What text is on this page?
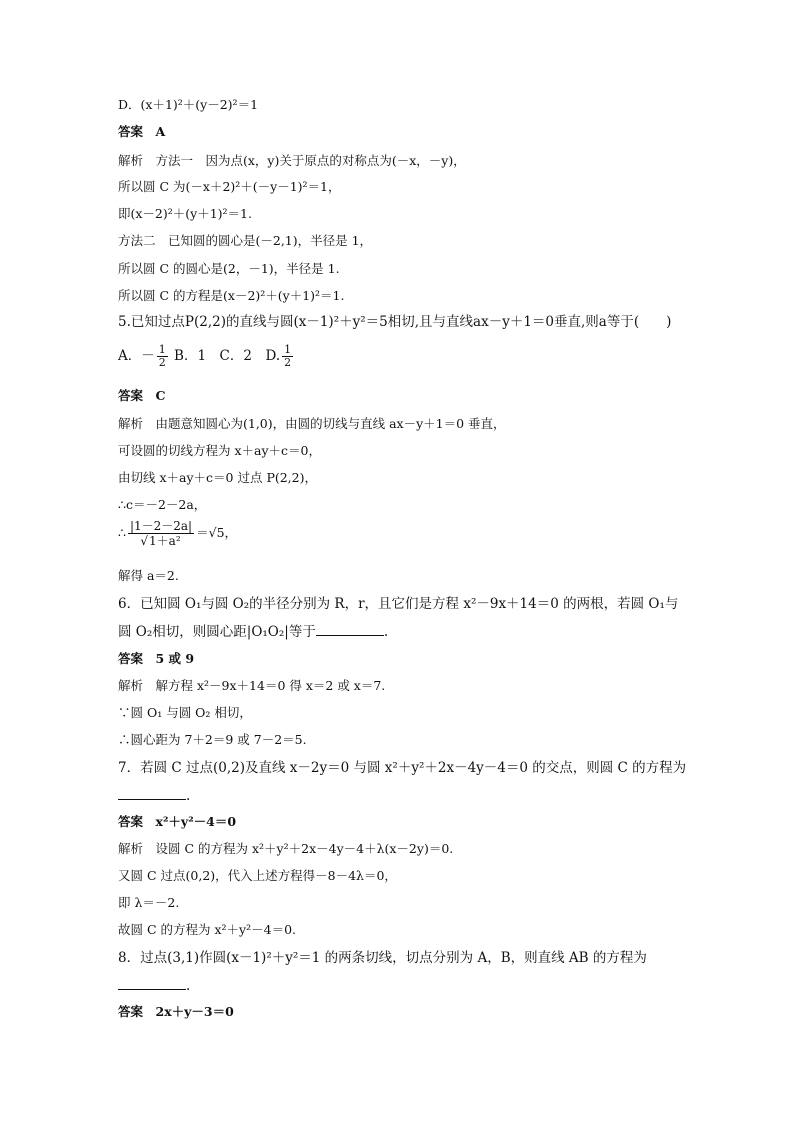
D．(x＋1)²＋(y－2)²＝1
答案　A
解析　方法一　因为点(x，y)关于原点的对称点为(－x，－y)，
所以圆 C 为(－x＋2)²＋(－y－1)²＝1，
即(x－2)²＋(y＋1)²＝1.
方法二　已知圆的圆心是(－2,1)，半径是 1，
所以圆 C 的圆心是(2，－1)，半径是 1.
所以圆 C 的方程是(x－2)²＋(y＋1)²＝1.
5.已知过点P(2,2)的直线与圆(x－1)²＋y²＝5相切,且与直线ax－y＋1＝0垂直,则a等于(　　)
A．－ $\frac{1}{2}$ B．1　C．2　D. $\frac{1}{2}$
答案　C
解析　由题意知圆心为(1,0)，由圆的切线与直线 ax－y＋1＝0 垂直，
可设圆的切线方程为 x＋ay＋c＝0，
由切线 x＋ay＋c＝0 过点 P(2,2)，
∴c＝－2－2a，
∴ $\frac{|1-2-2a|}{\text{√1＋a²}} =√5$，
解得 a＝2.
6．已知圆 O₁与圆 O₂的半径分别为 R，r，且它们是方程 x²－9x＋14＝0 的两根，若圆 O₁与
圆 O₂相切，则圆心距|O₁O₂|等于	.
答案　5 或 9
解析　解方程 x²－9x＋14＝0 得 x＝2 或 x＝7.
∵圆 O₁ 与圆 O₂ 相切，
∴圆心距为 7＋2＝9 或 7－2＝5.
7．若圆 C 过点(0,2)及直线 x－2y＝0 与圆 x²＋y²＋2x－4y－4＝0 的交点，则圆 C 的方程为
.
答案　x²＋y²－4＝0
解析　设圆 C 的方程为 x²＋y²＋2x－4y－4＋λ(x－2y)＝0.
又圆 C 过点(0,2)，代入上述方程得－8－4λ＝0，
即 λ＝－2.
故圆 C 的方程为 x²＋y²－4＝0.
8．过点(3,1)作圆(x－1)²＋y²＝1 的两条切线，切点分别为 A，B，则直线 AB 的方程为
.
答案　2x＋y－3＝0
